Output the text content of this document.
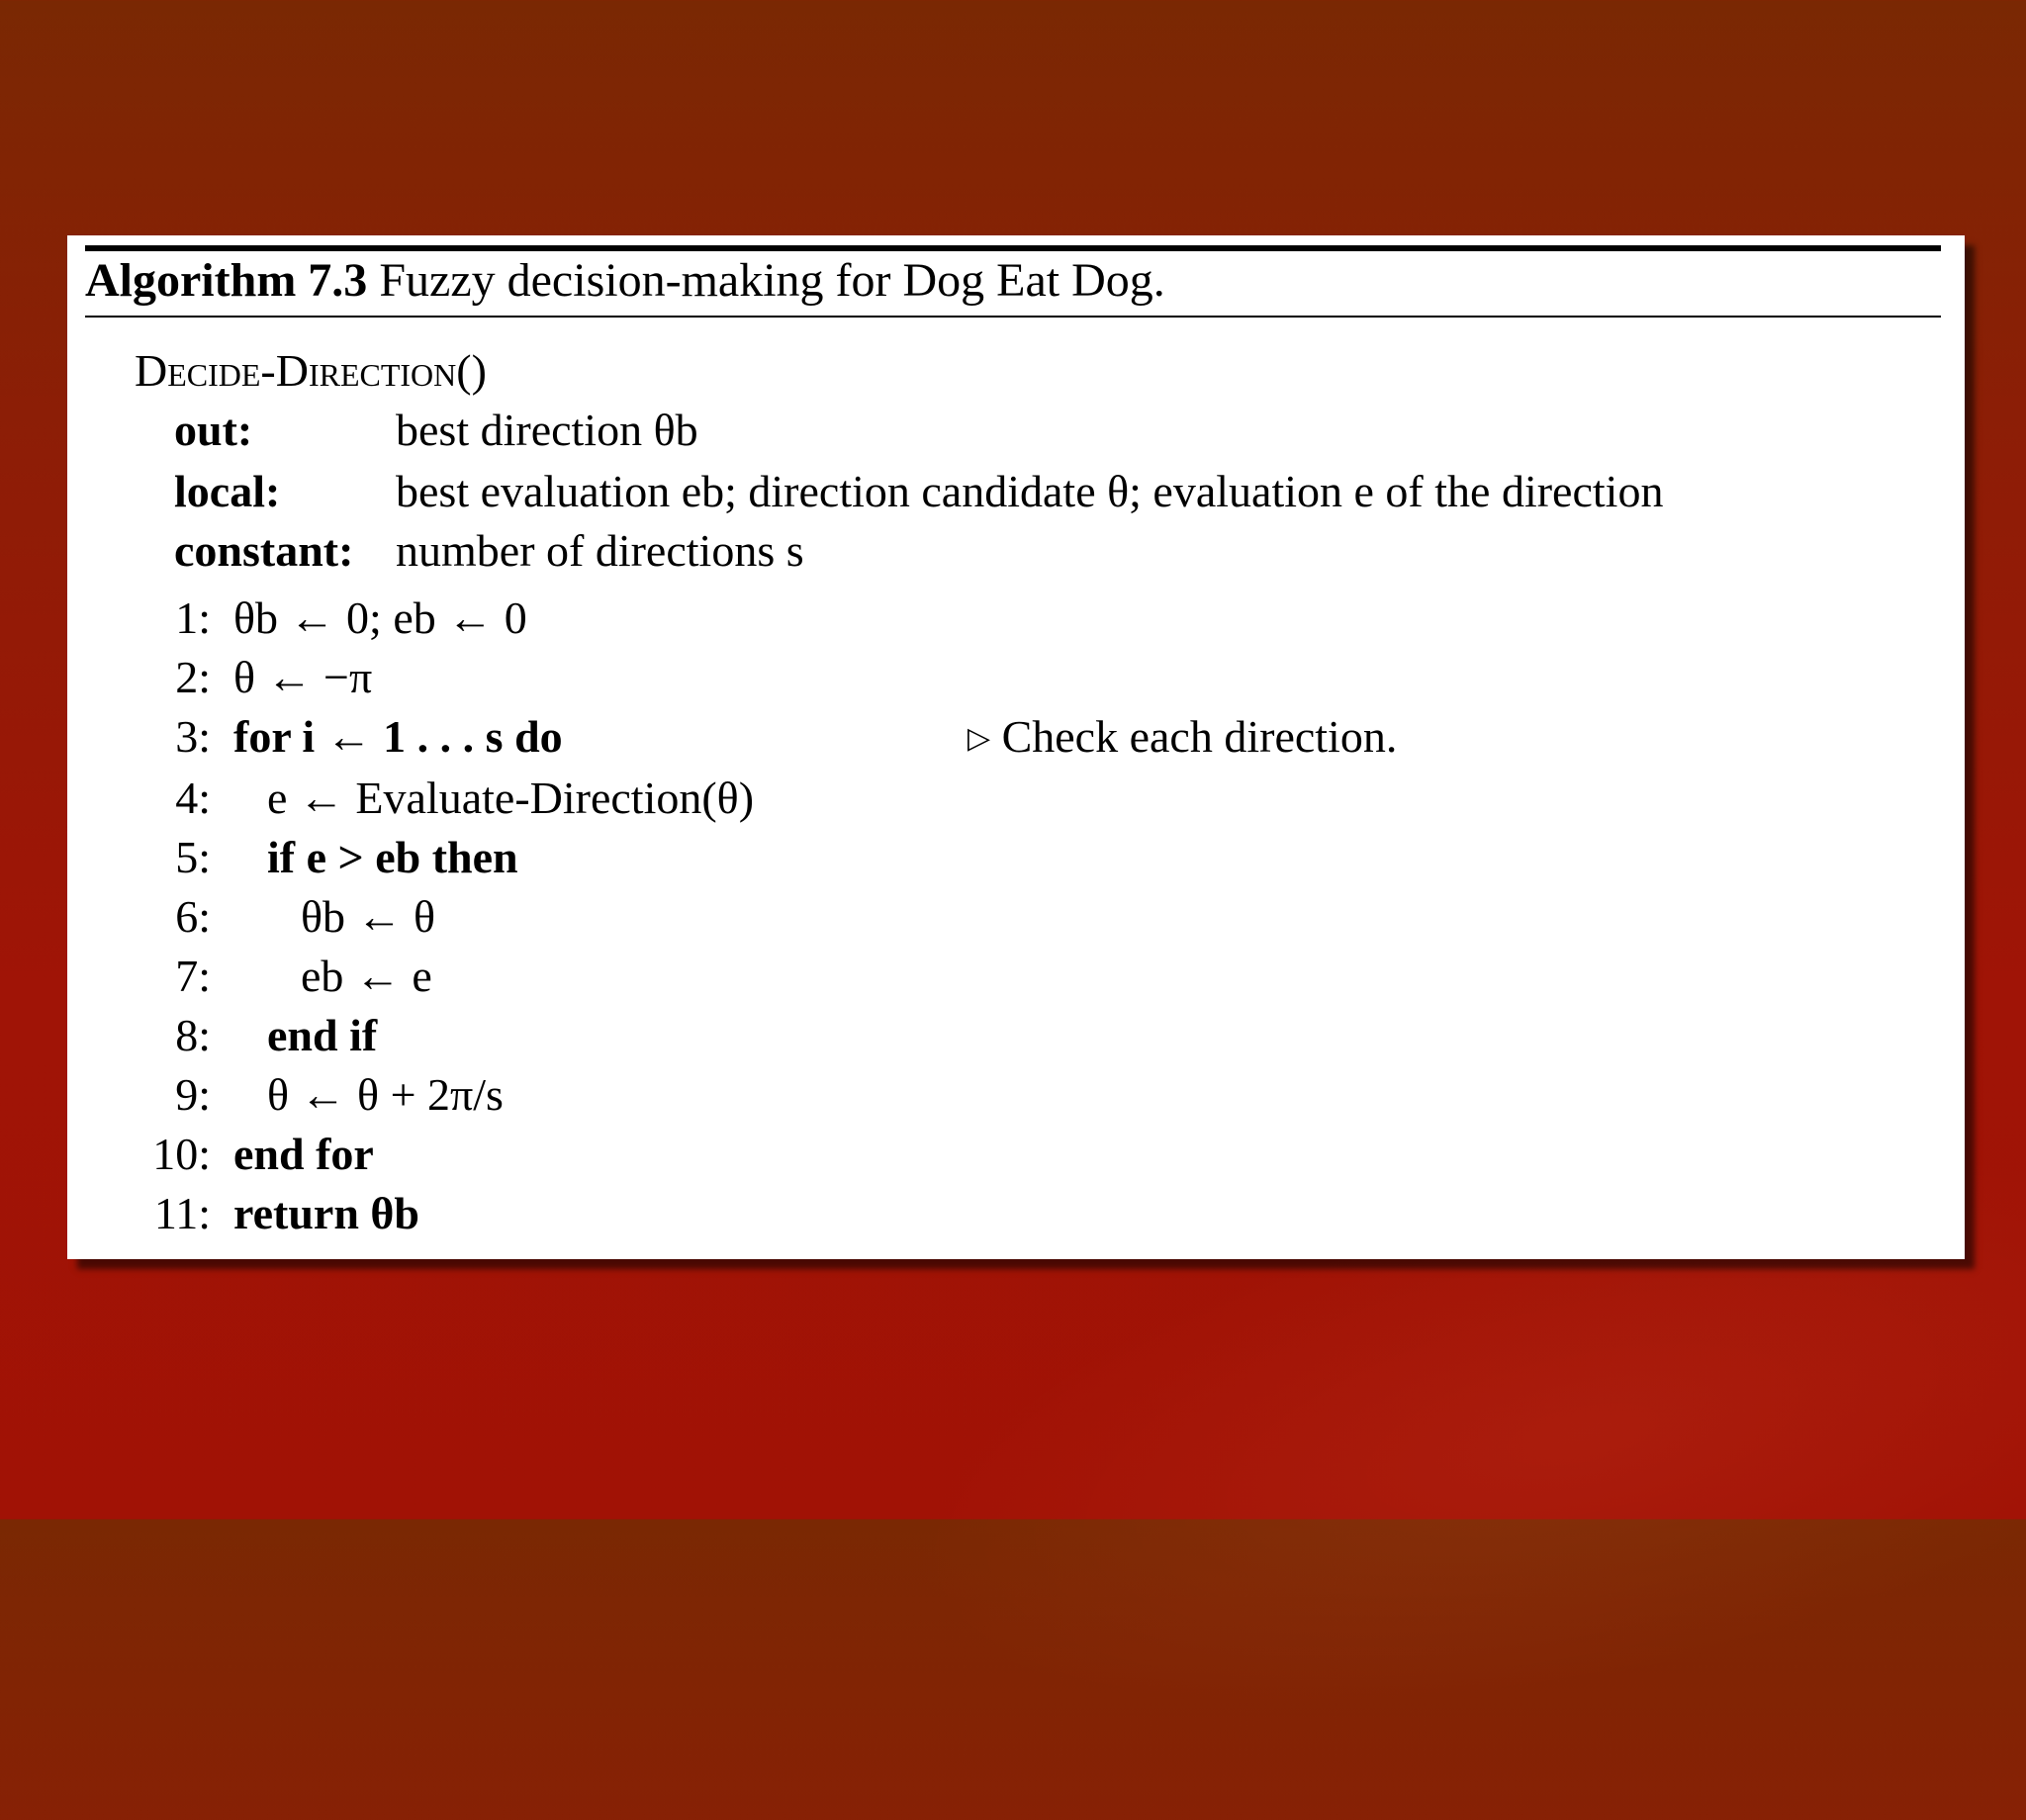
Algorithm 7.3 Fuzzy decision-making for Dog Eat Dog.
Decide-Direction()
out:	best direction θb
local:	best evaluation eb; direction candidate θ; evaluation e of the direction
constant: number of directions s
1: θb ← 0; eb ← 0
2: θ ← −π
3: for i ← 1 . . . s do	▷ Check each direction.
4: e ← Evaluate-Direction(θ)
5: if e > eb then
6: θb ← θ
7: eb ← e
8: end if
9: θ ← θ + 2π/s
10: end for
11: return θb
